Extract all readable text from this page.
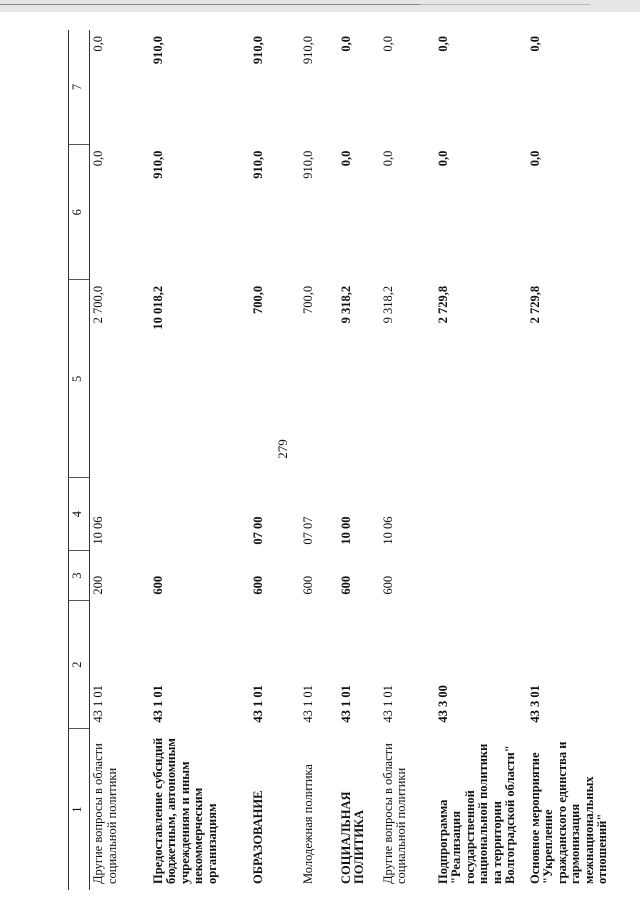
279
1	2	3	4	5	6	7
Другие вопросы в области социальной политики	43 1 01	200	10 06	2 700,0	0,0	0,0
Предоставление субсидий бюджетным, автономным учреждениям и иным некоммерческим организациям	43 1 01	600		10 018,2	910,0	910,0
ОБРАЗОВАНИЕ	43 1 01	600	07 00	700,0	910,0	910,0
Молодежная политика	43 1 01	600	07 07	700,0	910,0	910,0
СОЦИАЛЬНАЯ ПОЛИТИКА	43 1 01	600	10 00	9 318,2	0,0	0,0
Другие вопросы в области социальной политики	43 1 01	600	10 06	9 318,2	0,0	0,0
Подпрограмма "Реализация государственной национальной политики на территории Волгоградской области"	43 3 00			2 729,8	0,0	0,0
Основное мероприятие "Укрепление гражданского единства и гармонизация межнациональных отношений"	43 3 01			2 729,8	0,0	0,0
